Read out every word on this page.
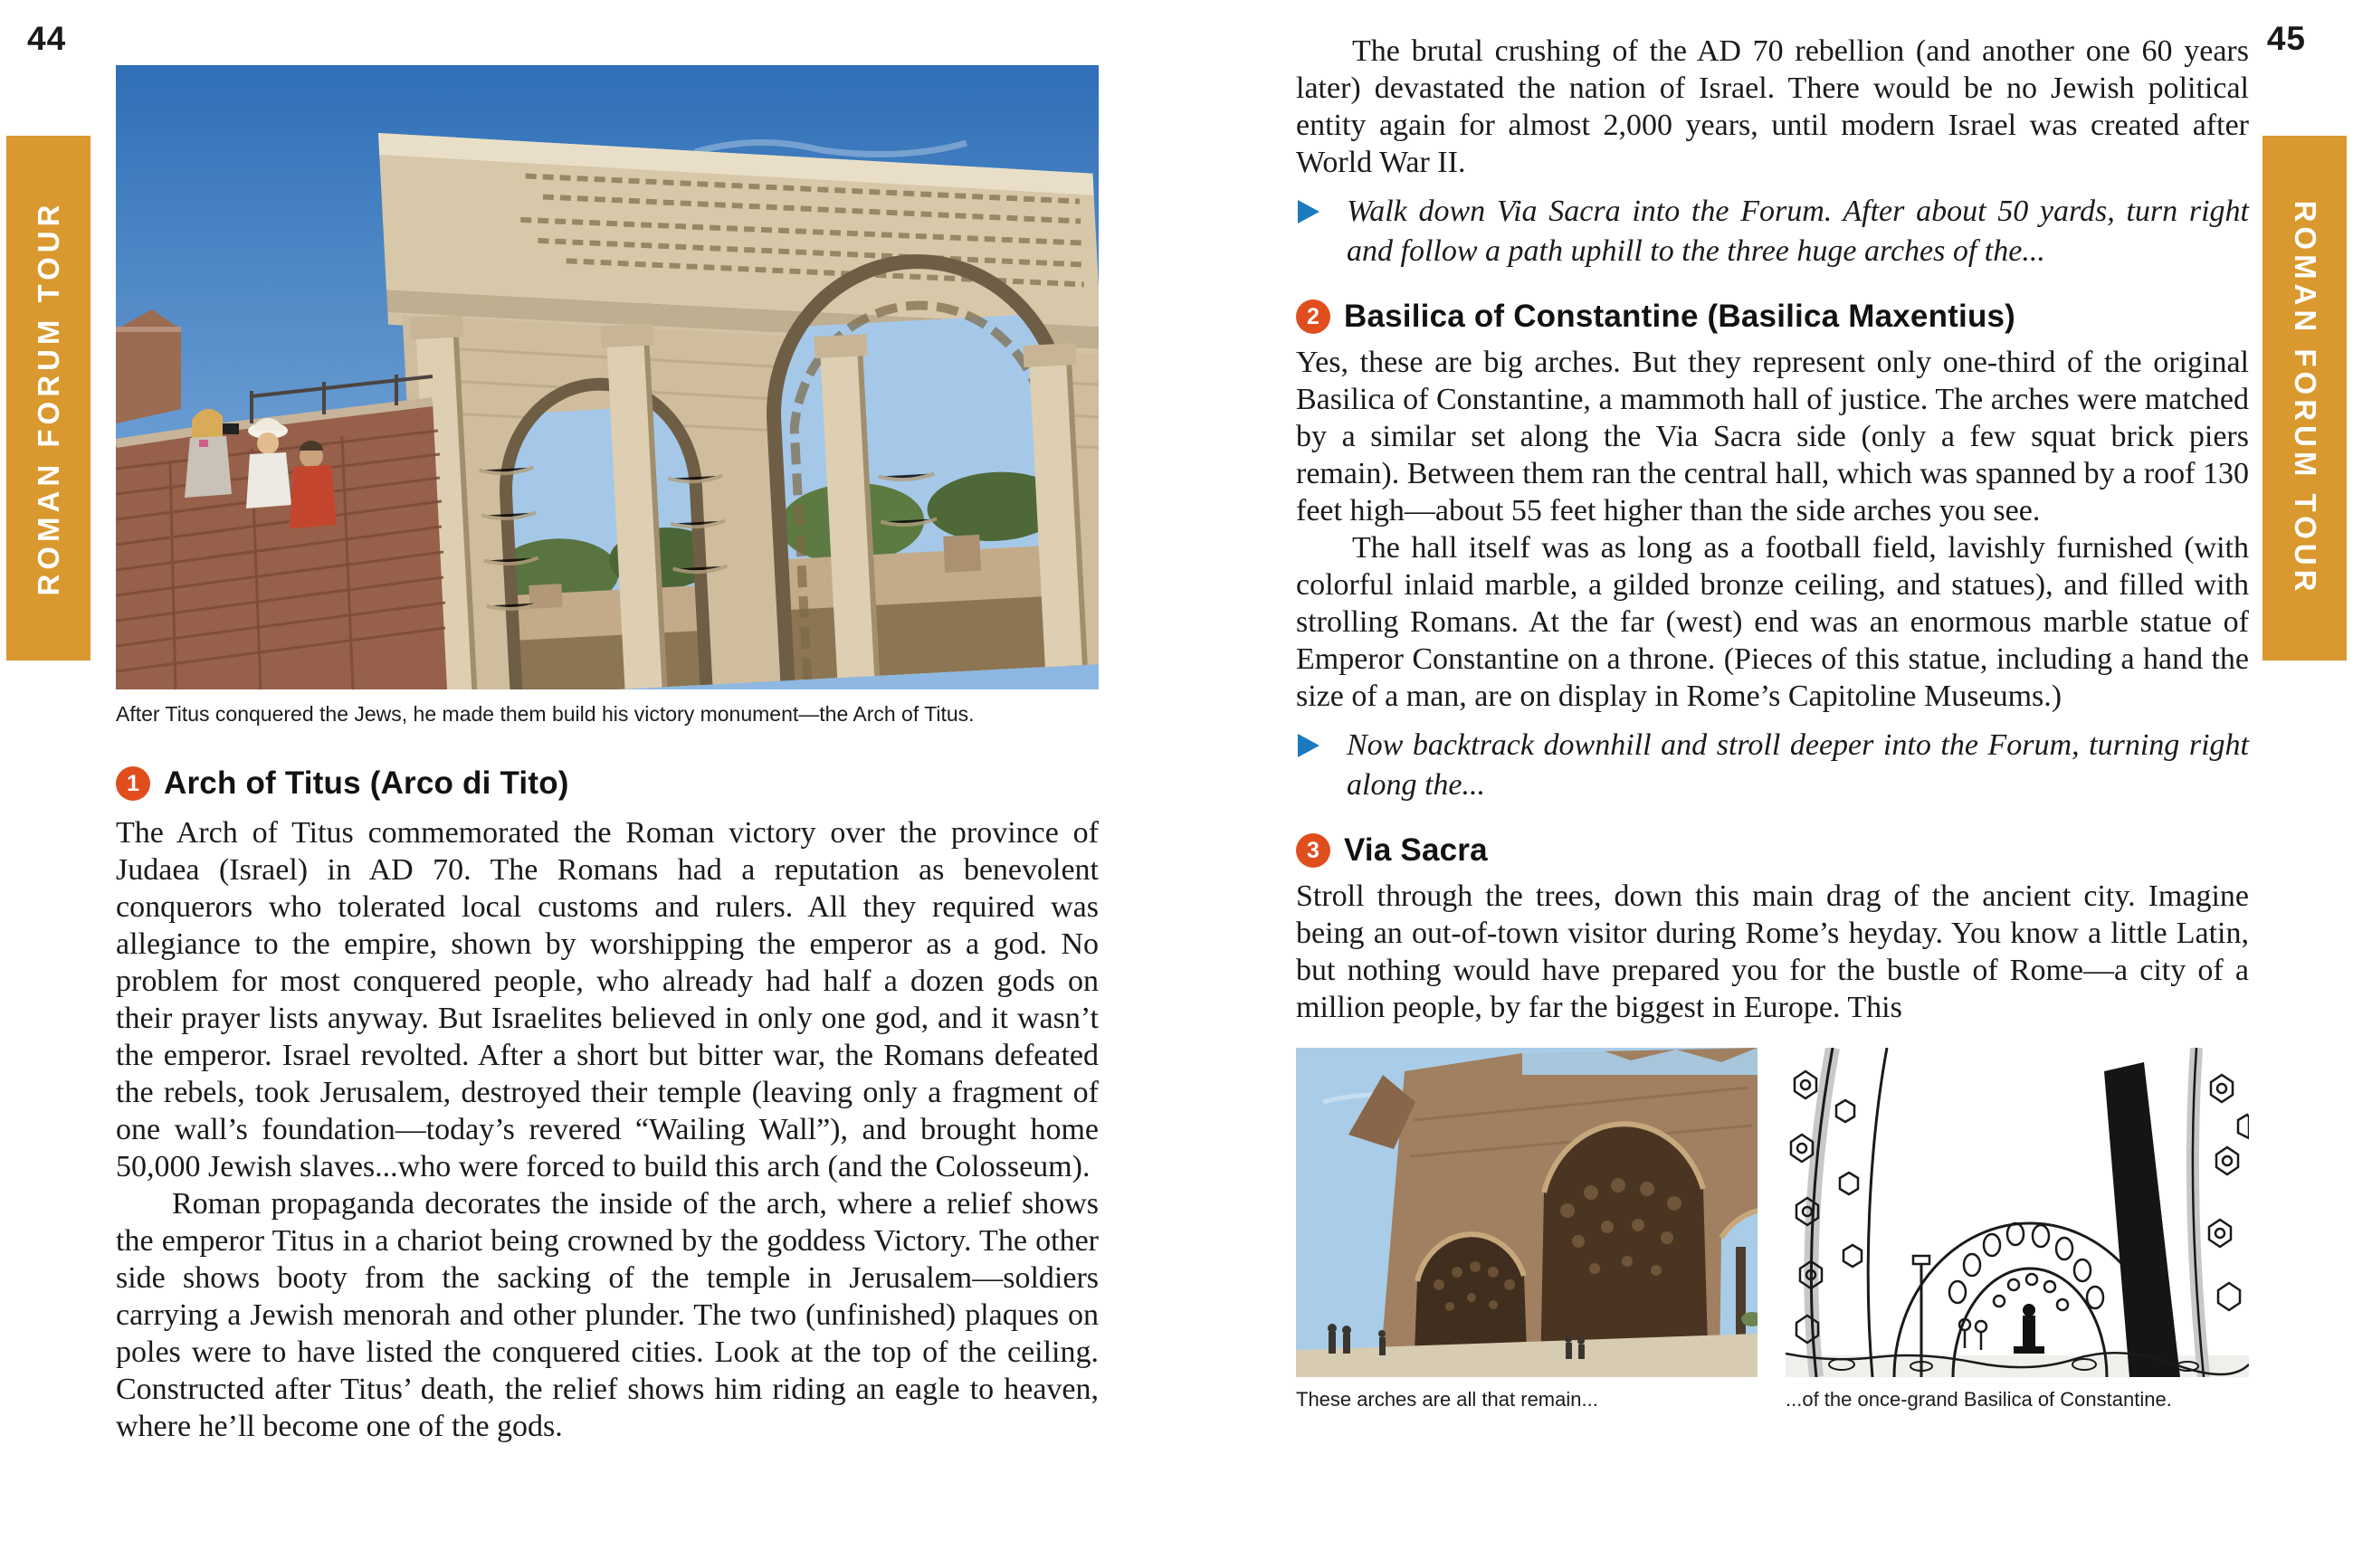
44
ROMAN FORUM TOUR
After Titus conquered the Jews, he made them build his victory monument—the Arch of Titus.
1 Arch of Titus (Arco di Tito)

The Arch of Titus commemorated the Roman victory over the province of Judaea (Israel) in AD 70. The Romans had a reputation as benevolent conquerors who tolerated local customs and rulers. All they required was allegiance to the empire, shown by worshipping the emperor as a god. No problem for most conquered people, who already had half a dozen gods on their prayer lists anyway. But Israelites believed in only one god, and it wasn’t the emperor. Israel revolted. After a short but bitter war, the Romans defeated the rebels, took Jerusalem, destroyed their temple (leaving only a fragment of one wall’s foundation—today’s revered “Wailing Wall”), and brought home 50,000 Jewish slaves...who were forced to build this arch (and the Colosseum).

Roman propaganda decorates the inside of the arch, where a relief shows the emperor Titus in a chariot being crowned by the goddess Victory. The other side shows booty from the sacking of the temple in Jerusalem—soldiers carrying a Jewish menorah and other plunder. The two (unfinished) plaques on poles were to have listed the conquered cities. Look at the top of the ceiling. Constructed after Titus’ death, the relief shows him riding an eagle to heaven, where he’ll become one of the gods.

45
ROMAN FORUM TOUR

The brutal crushing of the AD 70 rebellion (and another one 60 years later) devastated the nation of Israel. There would be no Jewish political entity again for almost 2,000 years, until modern Israel was created after World War II.

Walk down Via Sacra into the Forum. After about 50 yards, turn right and follow a path uphill to the three huge arches of the...
2 Basilica of Constantine (Basilica Maxentius)

Yes, these are big arches. But they represent only one-third of the original Basilica of Constantine, a mammoth hall of justice. The arches were matched by a similar set along the Via Sacra side (only a few squat brick piers remain). Between them ran the central hall, which was spanned by a roof 130 feet high—about 55 feet higher than the side arches you see.

The hall itself was as long as a football field, lavishly furnished (with colorful inlaid marble, a gilded bronze ceiling, and statues), and filled with strolling Romans. At the far (west) end was an enormous marble statue of Emperor Constantine on a throne. (Pieces of this statue, including a hand the size of a man, are on display in Rome’s Capitoline Museums.)

Now backtrack downhill and stroll deeper into the Forum, turning right along the...
3 Via Sacra

Stroll through the trees, down this main drag of the ancient city. Imagine being an out-of-town visitor during Rome’s heyday. You know a little Latin, but nothing would have prepared you for the bustle of Rome—a city of a million people, by far the biggest in Europe. This

These arches are all that remain...	...of the once-grand Basilica of Constantine.
